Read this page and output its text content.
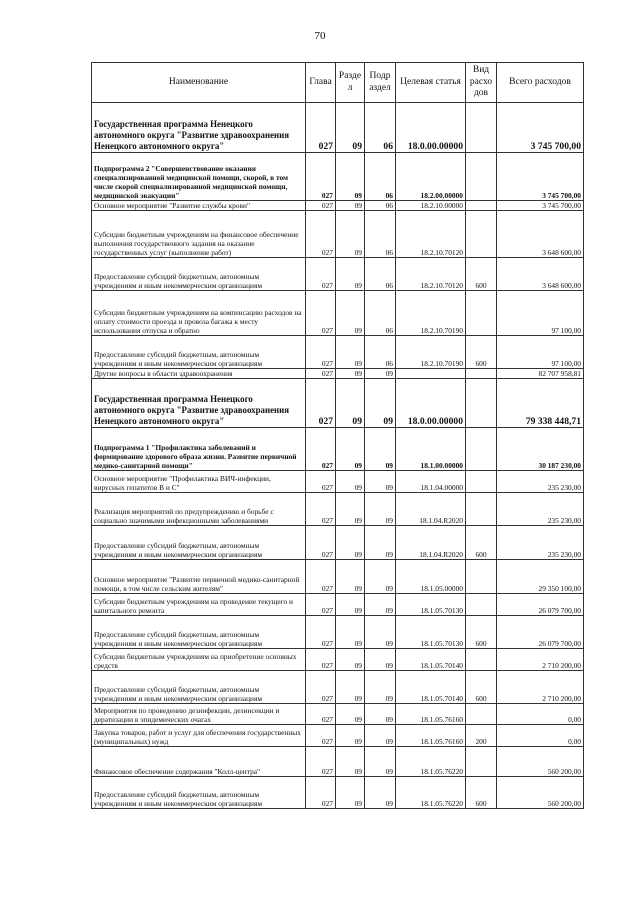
70
Наименование	Глава	Разде л	Подр аздел	Целевая статья	Вид расхо дов	Всего расходов
Государственная программа Ненецкого автономного округа "Развитие здравоохранения Ненецкого автономного округа"	027	09	06	18.0.00.00000		3 745 700,00
Подпрограмма 2 "Совершенствование оказания специализированной медицинской помощи, скорой, в том числе скорой специализированной медицинской помощи, медицинской эвакуации"	027	09	06	18.2.00.00000		3 745 700,00
Основное мероприятие "Развитие службы крови"	027	09	06	18.2.10.00000		3 745 700,00
Субсидии бюджетным учреждениям на финансовое обеспечение выполнения государственного задания на оказание государственных услуг (выполнение работ)	027	09	06	18.2.10.70120		3 648 600,00
Предоставление субсидий бюджетным, автономным учреждениям и иным некоммерческим организациям	027	09	06	18.2.10.70120	600	3 648 600,00
Субсидии бюджетным учреждениям на компенсацию расходов на оплату стоимости проезда и провоза багажа к месту использования отпуска и обратно	027	09	06	18.2.10.70190		97 100,00
Предоставление субсидий бюджетным, автономным учреждениям и иным некоммерческим организациям	027	09	06	18.2.10.70190	600	97 100,00
Другие вопросы в области здравоохранения	027	09	09			82 707 958,81
Государственная программа Ненецкого автономного округа "Развитие здравоохранения Ненецкого автономного округа"	027	09	09	18.0.00.00000		79 338 448,71
Подпрограмма 1 "Профилактика заболеваний и формирование здорового образа жизни. Развитие первичной медико-санитарной помощи"	027	09	09	18.1.00.00000		30 187 230,00
Основное мероприятие "Профилактика ВИЧ-инфекции, вирусных гепатитов В и С"	027	09	09	18.1.04.00000		235 230,00
Реализация мероприятий по предупреждению и борьбе с социально значимыми инфекционными заболеваниями	027	09	09	18.1.04.R2020		235 230,00
Предоставление субсидий бюджетным, автономным учреждениям и иным некоммерческим организациям	027	09	09	18.1.04.R2020	600	235 230,00
Основное мероприятие "Развитие первичной медико-санитарной помощи, в том числе сельским жителям"	027	09	09	18.1.05.00000		29 350 100,00
Субсидии бюджетным учреждениям на проведение текущего и капитального ремонта	027	09	09	18.1.05.70130		26 079 700,00
Предоставление субсидий бюджетным, автономным учреждениям и иным некоммерческим организациям	027	09	09	18.1.05.70130	600	26 079 700,00
Субсидии бюджетным учреждениям на приобретение основных средств	027	09	09	18.1.05.70140		2 710 200,00
Предоставление субсидий бюджетным, автономным учреждениям и иным некоммерческим организациям	027	09	09	18.1.05.70140	600	2 710 200,00
Мероприятия по проведению дезинфекции, дезинсекции и дератизации в эпидемических очагах	027	09	09	18.1.05.76160		0,00
Закупка товаров, работ и услуг для обеспечения государственных (муниципальных) нужд	027	09	09	18.1.05.76160	200	0,00
Финансовое обеспечение содержания "Колл-центра"	027	09	09	18.1.05.76220		560 200,00
Предоставление субсидий бюджетным, автономным учреждениям и иным некоммерческим организациям	027	09	09	18.1.05.76220	600	560 200,00
